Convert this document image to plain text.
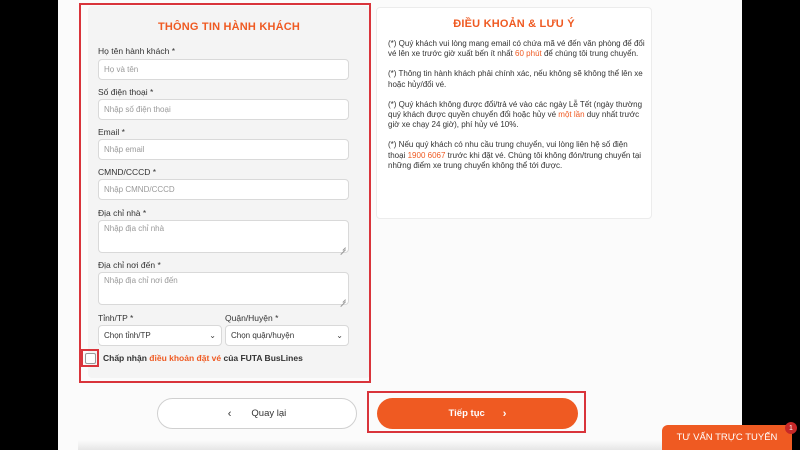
THÔNG TIN HÀNH KHÁCH
Họ tên hành khách *
Họ và tên
Số điện thoại *
Nhập số điện thoại
Email *
Nhập email
CMND/CCCD *
Nhập CMND/CCCD
Địa chỉ nhà *
Nhập địa chỉ nhà
Địa chỉ nơi đến *
Nhập địa chỉ nơi đến
Tỉnh/TP *
Chọn tỉnh/TP	⌄
Quận/Huyện *
Chọn quận/huyện	⌄
Chấp nhận
điều khoản đặt vé
của FUTA BusLines
ĐIỀU KHOẢN & LƯU Ý

(*) Quý khách vui lòng mang email có chứa mã vé đến văn phòng để đổi vé lên xe trước giờ xuất bến ít nhất 60 phút để chúng tôi trung chuyển.

(*) Thông tin hành khách phải chính xác, nếu không sẽ không thể lên xe hoặc hủy/đổi vé.

(*) Quý khách không được đổi/trả vé vào các ngày Lễ Tết (ngày thường quý khách được quyền chuyển đổi hoặc hủy vé một lần duy nhất trước giờ xe chạy 24 giờ), phí hủy vé 10%.

(*) Nếu quý khách có nhu cầu trung chuyển, vui lòng liên hệ số điện thoại 1900 6067 trước khi đặt vé. Chúng tôi không đón/trung chuyển tại những điểm xe trung chuyển không thể tới được.

‹ Quay lại	Tiếp tục ›
TƯ VẤN TRỰC TUYẾN
1
